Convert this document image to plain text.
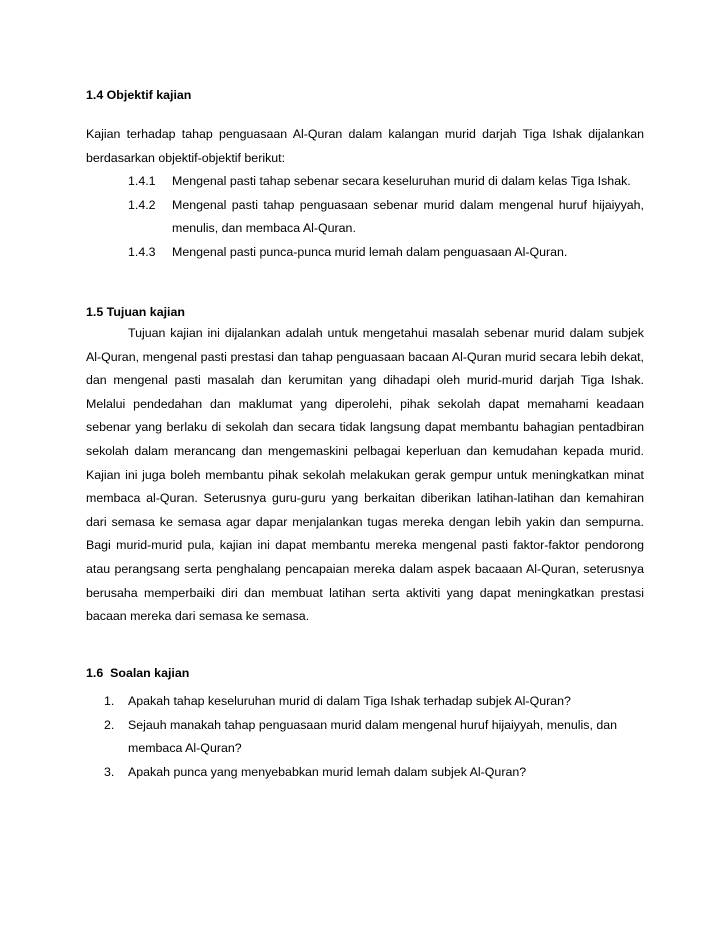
1.4 Objektif kajian
Kajian terhadap tahap penguasaan Al-Quran dalam kalangan murid darjah Tiga Ishak dijalankan berdasarkan objektif-objektif berikut:
1.4.1	Mengenal pasti tahap sebenar secara keseluruhan murid di dalam kelas Tiga Ishak.
1.4.2	Mengenal pasti tahap penguasaan sebenar murid dalam mengenal huruf hijaiyyah, menulis, dan membaca Al-Quran.
1.4.3	Mengenal pasti punca-punca murid lemah dalam penguasaan Al-Quran.
1.5 Tujuan kajian
Tujuan kajian ini dijalankan adalah untuk mengetahui masalah sebenar murid dalam subjek Al-Quran, mengenal pasti prestasi dan tahap penguasaan bacaan Al-Quran murid secara lebih dekat, dan mengenal pasti masalah dan kerumitan yang dihadapi oleh murid-murid darjah Tiga Ishak. Melalui pendedahan dan maklumat yang diperolehi, pihak sekolah dapat memahami keadaan sebenar yang berlaku di sekolah dan secara tidak langsung dapat membantu bahagian pentadbiran sekolah dalam merancang dan mengemaskini pelbagai keperluan dan kemudahan kepada murid. Kajian ini juga boleh membantu pihak sekolah melakukan gerak gempur untuk meningkatkan minat membaca al-Quran. Seterusnya guru-guru yang berkaitan diberikan latihan-latihan dan kemahiran dari semasa ke semasa agar dapar menjalankan tugas mereka dengan lebih yakin dan sempurna. Bagi murid-murid pula, kajian ini dapat membantu mereka mengenal pasti faktor-faktor pendorong atau perangsang serta penghalang pencapaian mereka dalam aspek bacaaan Al-Quran, seterusnya berusaha memperbaiki diri dan membuat latihan serta aktiviti yang dapat meningkatkan prestasi bacaan mereka dari semasa ke semasa.
1.6  Soalan kajian
1.	Apakah tahap keseluruhan murid di dalam Tiga Ishak terhadap subjek Al-Quran?
2.	Sejauh manakah tahap penguasaan murid dalam mengenal huruf hijaiyyah, menulis, dan membaca Al-Quran?
3.	Apakah punca yang menyebabkan murid lemah dalam subjek Al-Quran?
